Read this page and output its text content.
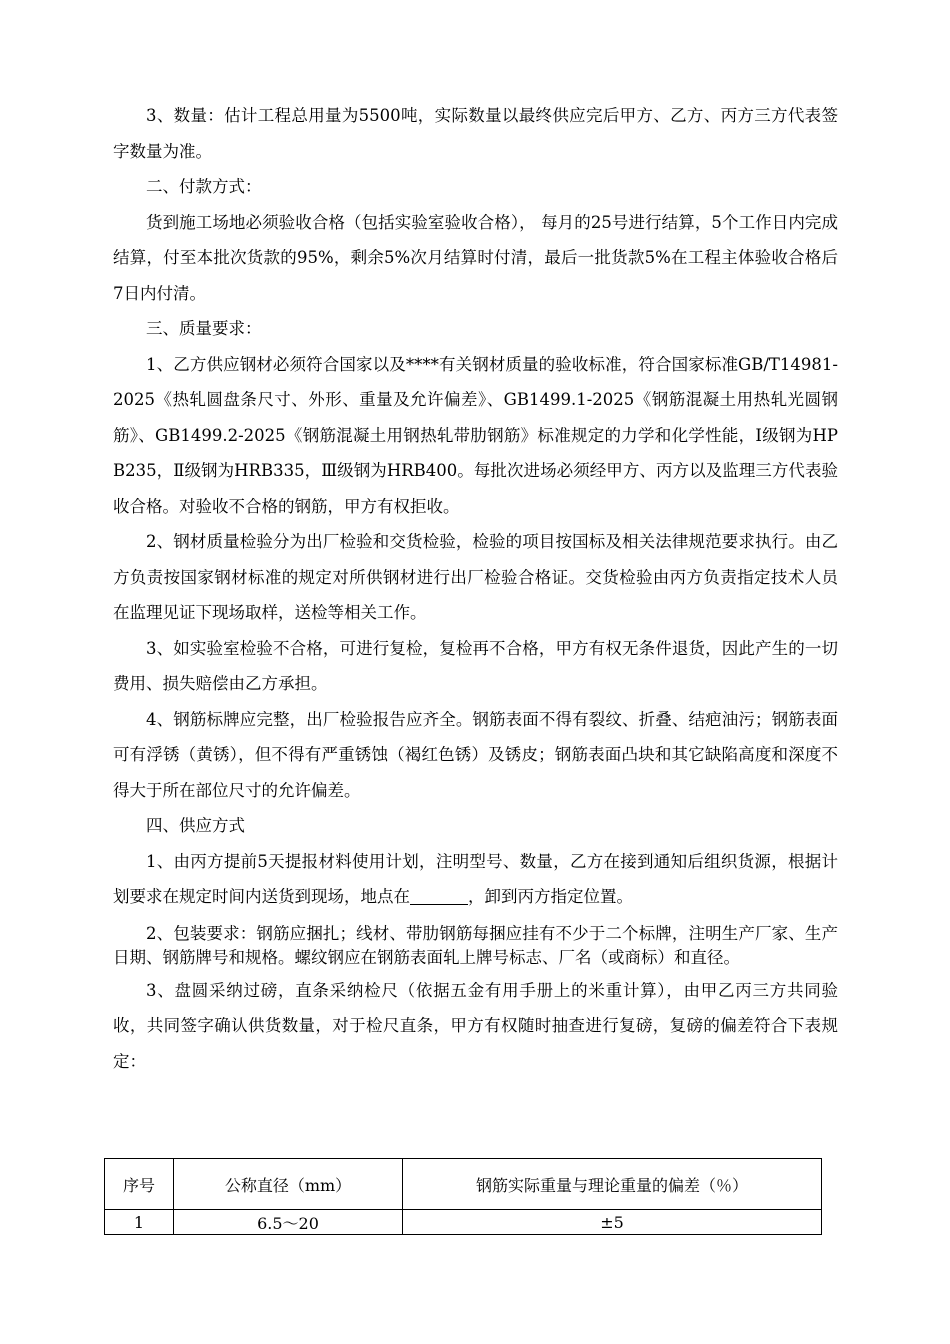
3、数量：估计工程总用量为5500吨，实际数量以最终供应完后甲方、乙方、丙方三方代表签字数量为准。

二、付款方式：

货到施工场地必须验收合格（包括实验室验收合格）， 每月的25号进行结算，5个工作日内完成结算，付至本批次货款的95%，剩余5%次月结算时付清，最后一批货款5%在工程主体验收合格后7日内付清。

三、质量要求：

1、乙方供应钢材必须符合国家以及****有关钢材质量的验收标准，符合国家标准GB/T14981-2025《热轧圆盘条尺寸、外形、重量及允许偏差》、GB1499.1-2025《钢筋混凝土用热轧光圆钢筋》、GB1499.2-2025《钢筋混凝土用钢热轧带肋钢筋》标准规定的力学和化学性能，Ⅰ级钢为HPB235，Ⅱ级钢为HRB335，Ⅲ级钢为HRB400。每批次进场必须经甲方、丙方以及监理三方代表验收合格。对验收不合格的钢筋，甲方有权拒收。

2、钢材质量检验分为出厂检验和交货检验，检验的项目按国标及相关法律规范要求执行。由乙方负责按国家钢材标准的规定对所供钢材进行出厂检验合格证。交货检验由丙方负责指定技术人员在监理见证下现场取样，送检等相关工作。

3、如实验室检验不合格，可进行复检，复检再不合格，甲方有权无条件退货，因此产生的一切费用、损失赔偿由乙方承担。

4、钢筋标牌应完整，出厂检验报告应齐全。钢筋表面不得有裂纹、折叠、结疤油污；钢筋表面可有浮锈（黄锈），但不得有严重锈蚀（褐红色锈）及锈皮；钢筋表面凸块和其它缺陷高度和深度不得大于所在部位尺寸的允许偏差。

四、供应方式

1、由丙方提前5天提报材料使用计划，注明型号、数量，乙方在接到通知后组织货源，根据计划要求在规定时间内送货到现场，地点在	，卸到丙方指定位置。

2、包装要求：钢筋应捆扎；线材、带肋钢筋每捆应挂有不少于二个标牌，注明生产厂家、生产日期、钢筋牌号和规格。螺纹钢应在钢筋表面轧上牌号标志、厂名（或商标）和直径。

3、盘圆采纳过磅，直条采纳检尺（依据五金有用手册上的米重计算），由甲乙丙三方共同验收，共同签字确认供货数量，对于检尺直条，甲方有权随时抽查进行复磅，复磅的偏差符合下表规定：

序号	公称直径（mm）	钢筋实际重量与理论重量的偏差（％）
1	6.5～20	±5
